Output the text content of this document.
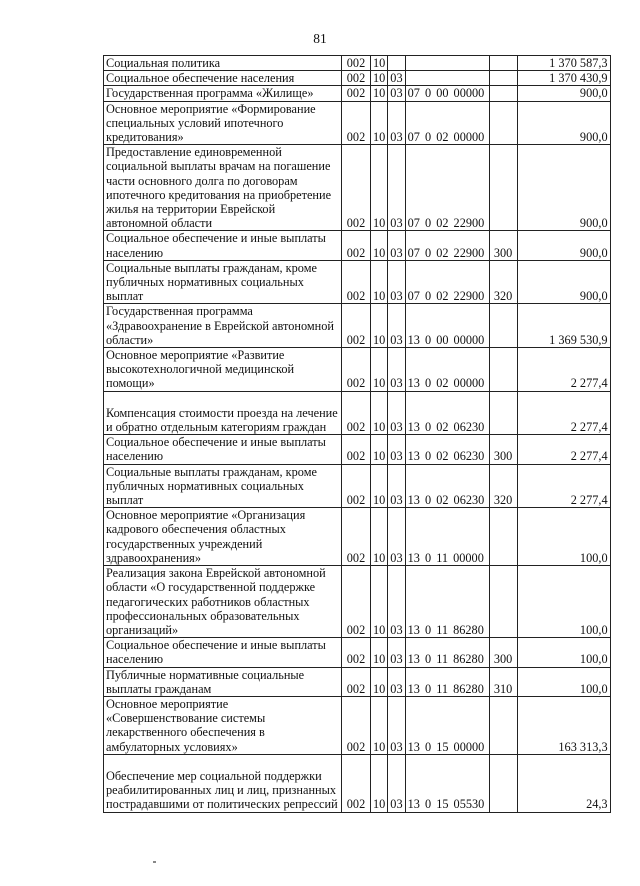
81
Социальная политика	002	10				1 370 587,3
Социальное обеспечение населения	002	10	03			1 370 430,9
Государственная программа «Жилище»	002	10	03	07 0 00 00000		900,0
Основное мероприятие «Формирование специальных условий ипотечного кредитования»	002	10	03	07 0 02 00000		900,0
Предоставление единовременной социальной выплаты врачам на погашение части основного долга по договорам ипотечного кредитования на приобретение жилья на территории Еврейской автономной области	002	10	03	07 0 02 22900		900,0
Социальное обеспечение и иные выплаты населению	002	10	03	07 0 02 22900	300	900,0
Социальные выплаты гражданам, кроме публичных нормативных социальных выплат	002	10	03	07 0 02 22900	320	900,0
Государственная программа «Здравоохранение в Еврейской автономной области»	002	10	03	13 0 00 00000		1 369 530,9
Основное мероприятие «Развитие высокотехнологичной медицинской помощи»	002	10	03	13 0 02 00000		2 277,4
Компенсация стоимости проезда на лечение и обратно отдельным категориям граждан	002	10	03	13 0 02 06230		2 277,4
Социальное обеспечение и иные выплаты населению	002	10	03	13 0 02 06230	300	2 277,4
Социальные выплаты гражданам, кроме публичных нормативных социальных выплат	002	10	03	13 0 02 06230	320	2 277,4
Основное мероприятие «Организация кадрового обеспечения областных государственных учреждений здравоохранения»	002	10	03	13 0 11 00000		100,0
Реализация закона Еврейской автономной области «О государственной поддержке педагогических работников областных профессиональных образовательных организаций»	002	10	03	13 0 11 86280		100,0
Социальное обеспечение и иные выплаты населению	002	10	03	13 0 11 86280	300	100,0
Публичные нормативные социальные выплаты гражданам	002	10	03	13 0 11 86280	310	100,0
Основное мероприятие «Совершенствование системы лекарственного обеспечения в амбулаторных условиях»	002	10	03	13 0 15 00000		163 313,3
Обеспечение мер социальной поддержки реабилитированных лиц и лиц, признанных пострадавшими от политических репрессий	002	10	03	13 0 15 05530		24,3
